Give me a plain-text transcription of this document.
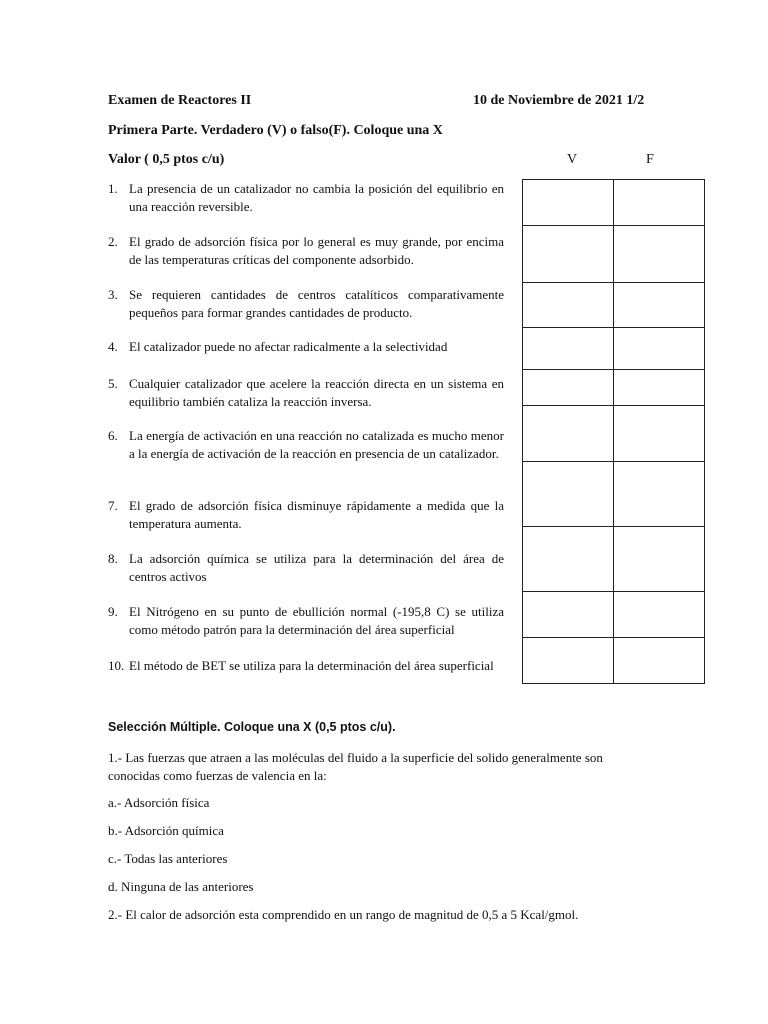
Examen de Reactores II	10 de Noviembre de 2021 1/2
Primera Parte. Verdadero (V) o falso(F). Coloque una X
Valor ( 0,5 ptos c/u)	V	F
1. La presencia de un catalizador no cambia la posición del equilibrio en una reacción reversible.
2. El grado de adsorción física por lo general es muy grande, por encima de las temperaturas críticas del componente adsorbido.
3. Se requieren cantidades de centros catalíticos comparativamente pequeños para formar grandes cantidades de producto.
4. El catalizador puede no afectar radicalmente a la selectividad
5. Cualquier catalizador que acelere la reacción directa en un sistema en equilibrio también cataliza la reacción inversa.
6. La energía de activación en una reacción no catalizada es mucho menor a la energía de activación de la reacción en presencia de un catalizador.
7. El grado de adsorción física disminuye rápidamente a medida que la temperatura aumenta.
8. La adsorción química se utiliza para la determinación del área de centros activos
9. El Nitrógeno en su punto de ebullición normal (-195,8 C) se utiliza como método patrón para la determinación del área superficial
10. El método de BET se utiliza para la determinación del área superficial

Selección Múltiple. Coloque una X (0,5 ptos c/u).
1.- Las fuerzas que atraen a las moléculas del fluido a la superficie del solido generalmente son conocidas como fuerzas de valencia en la:
a.- Adsorción física
b.- Adsorción química
c.- Todas las anteriores
d. Ninguna de las anteriores
2.- El calor de adsorción esta comprendido en un rango de magnitud de 0,5 a 5 Kcal/gmol.
